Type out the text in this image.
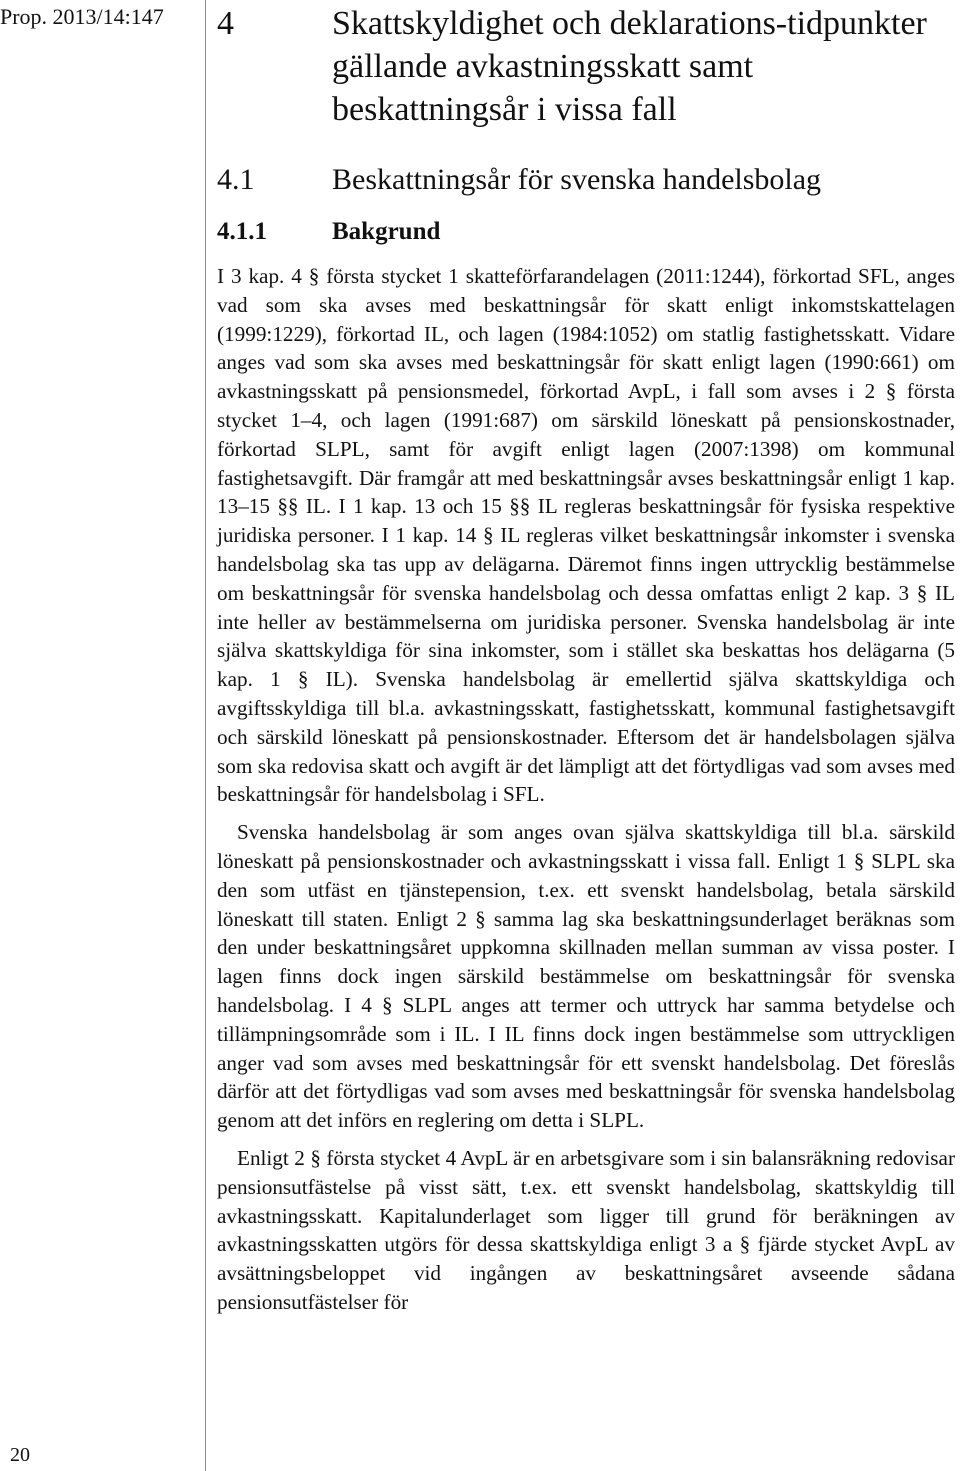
Prop. 2013/14:147
20
4	Skattskyldighet och deklarations-tidpunkter gällande avkastningsskatt samt beskattningsår i vissa fall
4.1	Beskattningsår för svenska handelsbolag
4.1.1	Bakgrund

I 3 kap. 4 § första stycket 1 skatteförfarandelagen (2011:1244), förkortad SFL, anges vad som ska avses med beskattningsår för skatt enligt inkomstskattelagen (1999:1229), förkortad IL, och lagen (1984:1052) om statlig fastighetsskatt. Vidare anges vad som ska avses med beskattningsår för skatt enligt lagen (1990:661) om avkastningsskatt på pensionsmedel, förkortad AvpL, i fall som avses i 2 § första stycket 1–4, och lagen (1991:687) om särskild löneskatt på pensionskostnader, förkortad SLPL, samt för avgift enligt lagen (2007:1398) om kommunal fastighetsavgift. Där framgår att med beskattningsår avses beskattningsår enligt 1 kap. 13–15 §§ IL. I 1 kap. 13 och 15 §§ IL regleras beskattningsår för fysiska respektive juridiska personer. I 1 kap. 14 § IL regleras vilket beskattningsår inkomster i svenska handelsbolag ska tas upp av delägarna. Däremot finns ingen uttrycklig bestämmelse om beskattningsår för svenska handelsbolag och dessa omfattas enligt 2 kap. 3 § IL inte heller av bestämmelserna om juridiska personer. Svenska handelsbolag är inte själva skattskyldiga för sina inkomster, som i stället ska beskattas hos delägarna (5 kap. 1 § IL). Svenska handelsbolag är emellertid själva skattskyldiga och avgiftsskyldiga till bl.a. avkastningsskatt, fastighetsskatt, kommunal fastighetsavgift och särskild löneskatt på pensionskostnader. Eftersom det är handelsbolagen själva som ska redovisa skatt och avgift är det lämpligt att det förtydligas vad som avses med beskattningsår för handelsbolag i SFL.

Svenska handelsbolag är som anges ovan själva skattskyldiga till bl.a. särskild löneskatt på pensionskostnader och avkastningsskatt i vissa fall. Enligt 1 § SLPL ska den som utfäst en tjänstepension, t.ex. ett svenskt handelsbolag, betala särskild löneskatt till staten. Enligt 2 § samma lag ska beskattningsunderlaget beräknas som den under beskattningsåret uppkomna skillnaden mellan summan av vissa poster. I lagen finns dock ingen särskild bestämmelse om beskattningsår för svenska handelsbolag. I 4 § SLPL anges att termer och uttryck har samma betydelse och tillämpningsområde som i IL. I IL finns dock ingen bestämmelse som uttryckligen anger vad som avses med beskattningsår för ett svenskt handelsbolag. Det föreslås därför att det förtydligas vad som avses med beskattningsår för svenska handelsbolag genom att det införs en reglering om detta i SLPL.

Enligt 2 § första stycket 4 AvpL är en arbetsgivare som i sin balansräkning redovisar pensionsutfästelse på visst sätt, t.ex. ett svenskt handelsbolag, skattskyldig till avkastningsskatt. Kapitalunderlaget som ligger till grund för beräkningen av avkastningsskatten utgörs för dessa skattskyldiga enligt 3 a § fjärde stycket AvpL av avsättningsbeloppet vid ingången av beskattningsåret avseende sådana pensionsutfästelser för
